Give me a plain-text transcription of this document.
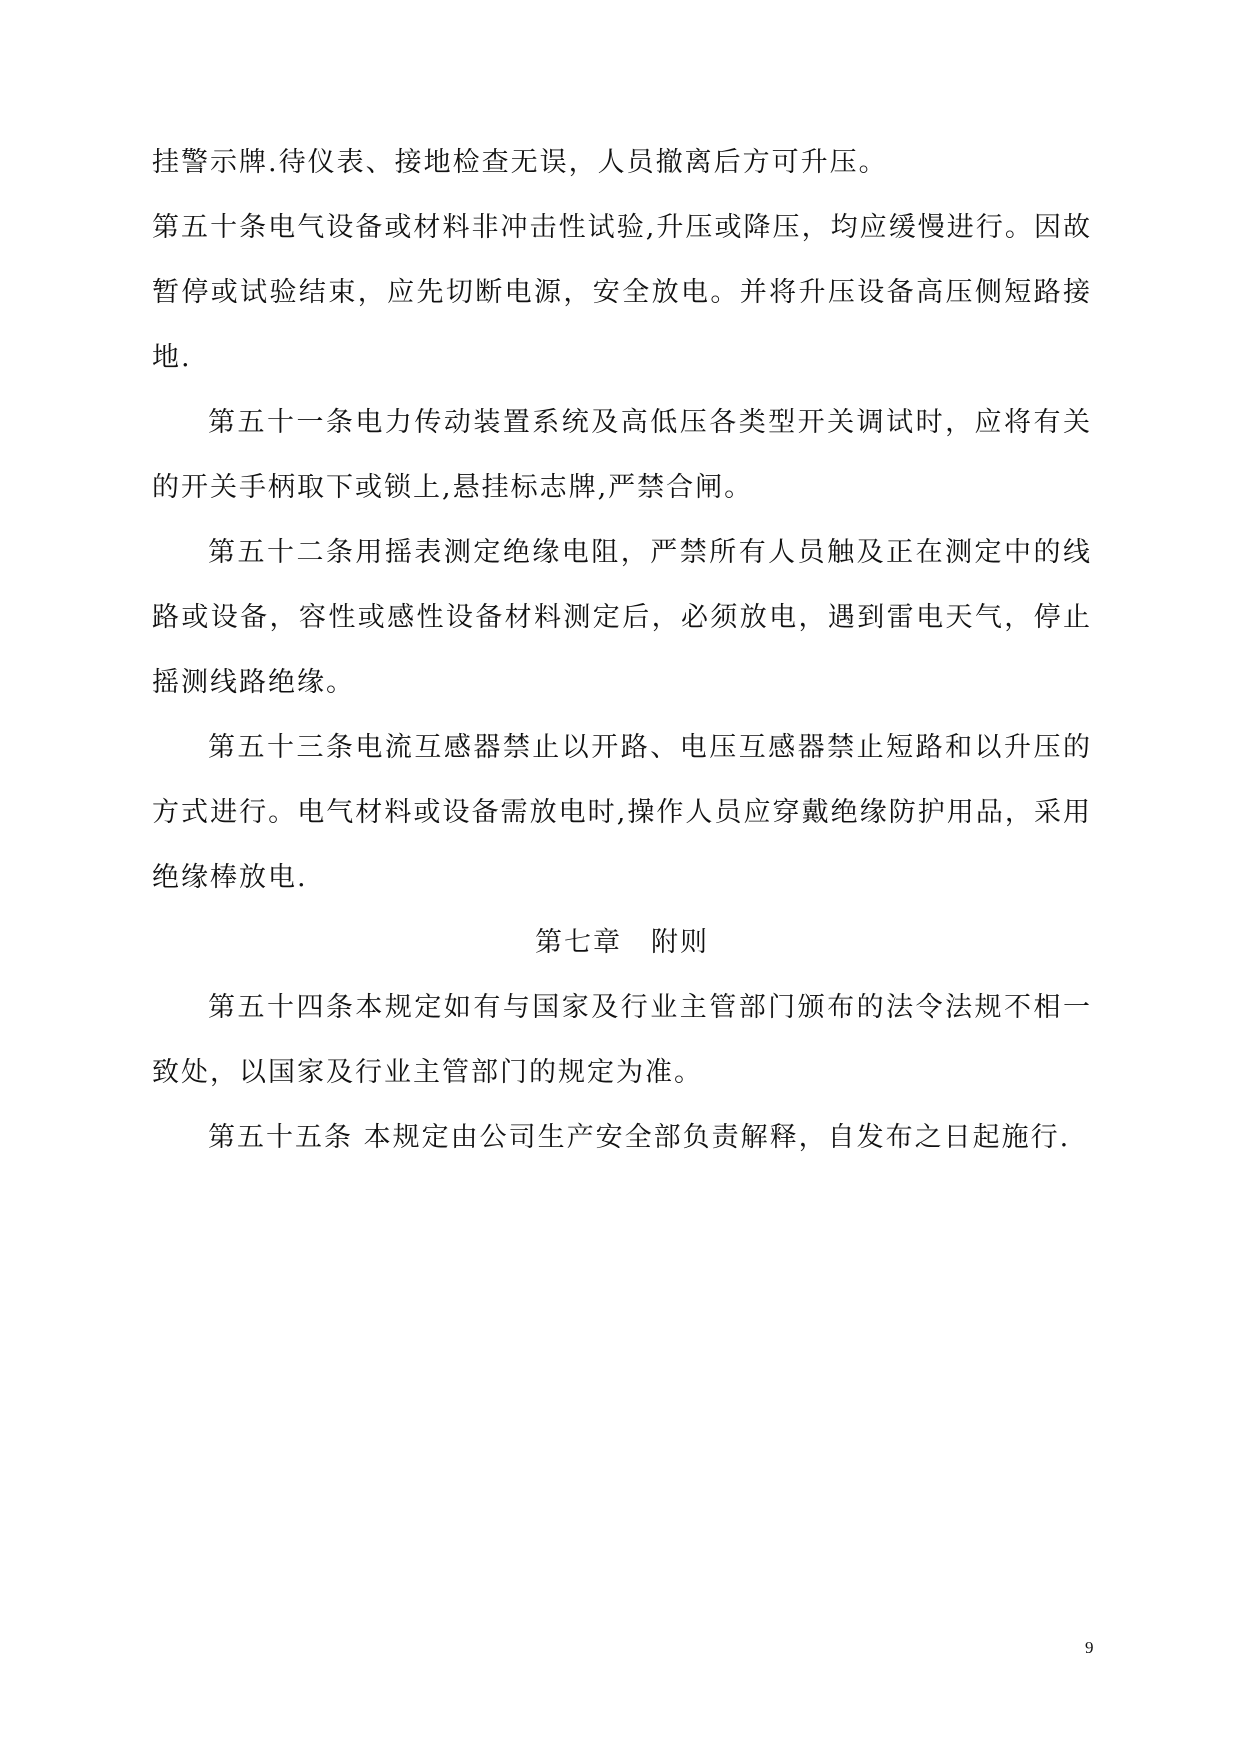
挂警示牌.待仪表、接地检查无误，人员撤离后方可升压。

第五十条电气设备或材料非冲击性试验,升压或降压，均应缓慢进行。因故暂停或试验结束，应先切断电源，安全放电。并将升压设备高压侧短路接地.

第五十一条电力传动装置系统及高低压各类型开关调试时，应将有关的开关手柄取下或锁上,悬挂标志牌,严禁合闸。

第五十二条用摇表测定绝缘电阻，严禁所有人员触及正在测定中的线路或设备，容性或感性设备材料测定后，必须放电，遇到雷电天气，停止摇测线路绝缘。

第五十三条电流互感器禁止以开路、电压互感器禁止短路和以升压的方式进行。电气材料或设备需放电时,操作人员应穿戴绝缘防护用品，采用绝缘棒放电.

第七章　附则

第五十四条本规定如有与国家及行业主管部门颁布的法令法规不相一致处，以国家及行业主管部门的规定为准。

第五十五条 本规定由公司生产安全部负责解释，自发布之日起施行.

9
